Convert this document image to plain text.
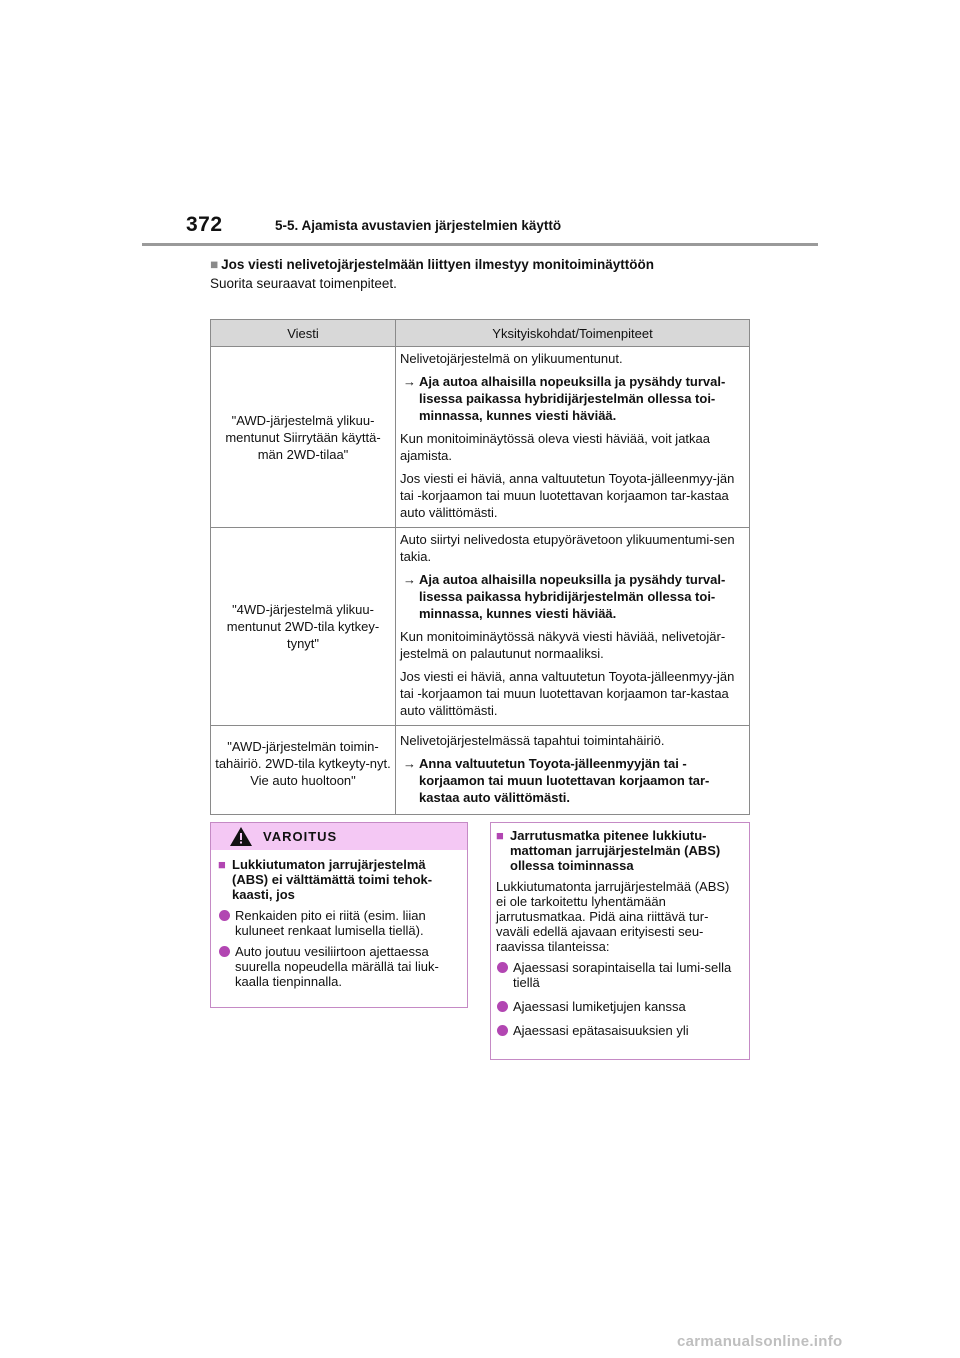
372	5-5. Ajamista avustavien järjestelmien käyttö
■ Jos viesti nelivetojärjestelmään liittyen ilmestyy monitoiminäyttöön
Suorita seuraavat toimenpiteet.
Viesti	Yksityiskohdat/Toimenpiteet
"AWD-järjestelmä ylikuu-mentunut Siirrytään käyttä-män 2WD-tilaa"	Nelivetojärjestelmä on ylikuumentunut.
→ Aja autoa alhaisilla nopeuksilla ja pysähdy turval-lisessa paikassa hybridijärjestelmän ollessa toi-minnassa, kunnes viesti häviää.
Kun monitoiminäytössä oleva viesti häviää, voit jatkaa ajamista.
Jos viesti ei häviä, anna valtuutetun Toyota-jälleenmyy-jän tai -korjaamon tai muun luotettavan korjaamon tar-kastaa auto välittömästi.

"4WD-järjestelmä ylikuu-mentunut 2WD-tila kytkey-tynyt"	Auto siirtyi nelivedosta etupyörävetoon ylikuumentumi-sen takia.
→ Aja autoa alhaisilla nopeuksilla ja pysähdy turval-lisessa paikassa hybridijärjestelmän ollessa toi-minnassa, kunnes viesti häviää.
Kun monitoiminäytössä näkyvä viesti häviää, nelivetojär-jestelmä on palautunut normaaliksi.
Jos viesti ei häviä, anna valtuutetun Toyota-jälleenmyy-jän tai -korjaamon tai muun luotettavan korjaamon tar-kastaa auto välittömästi.

"AWD-järjestelmän toimin-tahäiriö. 2WD-tila kytkeyty-nyt. Vie auto huoltoon"	Nelivetojärjestelmässä tapahtui toimintahäiriö.
→ Anna valtuutetun Toyota-jälleenmyyjän tai -korjaamon tai muun luotettavan korjaamon tar-kastaa auto välittömästi.
VAROITUS
■ Lukkiutumaton jarrujärjestelmä (ABS) ei välttämättä toimi tehok-kaasti, jos
Renkaiden pito ei riitä (esim. liian kuluneet renkaat lumisella tiellä).
Auto joutuu vesiliirtoon ajettaessa suurella nopeudella märällä tai liuk-kaalla tienpinnalla.
■ Jarrutusmatka pitenee lukkiutu-mattoman jarrujärjestelmän (ABS) ollessa toiminnassa
Lukkiutumatonta jarrujärjestelmää (ABS) ei ole tarkoitettu lyhentämään jarrutusmatkaa. Pidä aina riittävä tur-vaväli edellä ajavaan erityisesti seu-raavissa tilanteissa:
Ajaessasi sorapintaisella tai lumi-sella tiellä
Ajaessasi lumiketjujen kanssa
Ajaessasi epätasaisuuksien yli
carmanualsonline.info
